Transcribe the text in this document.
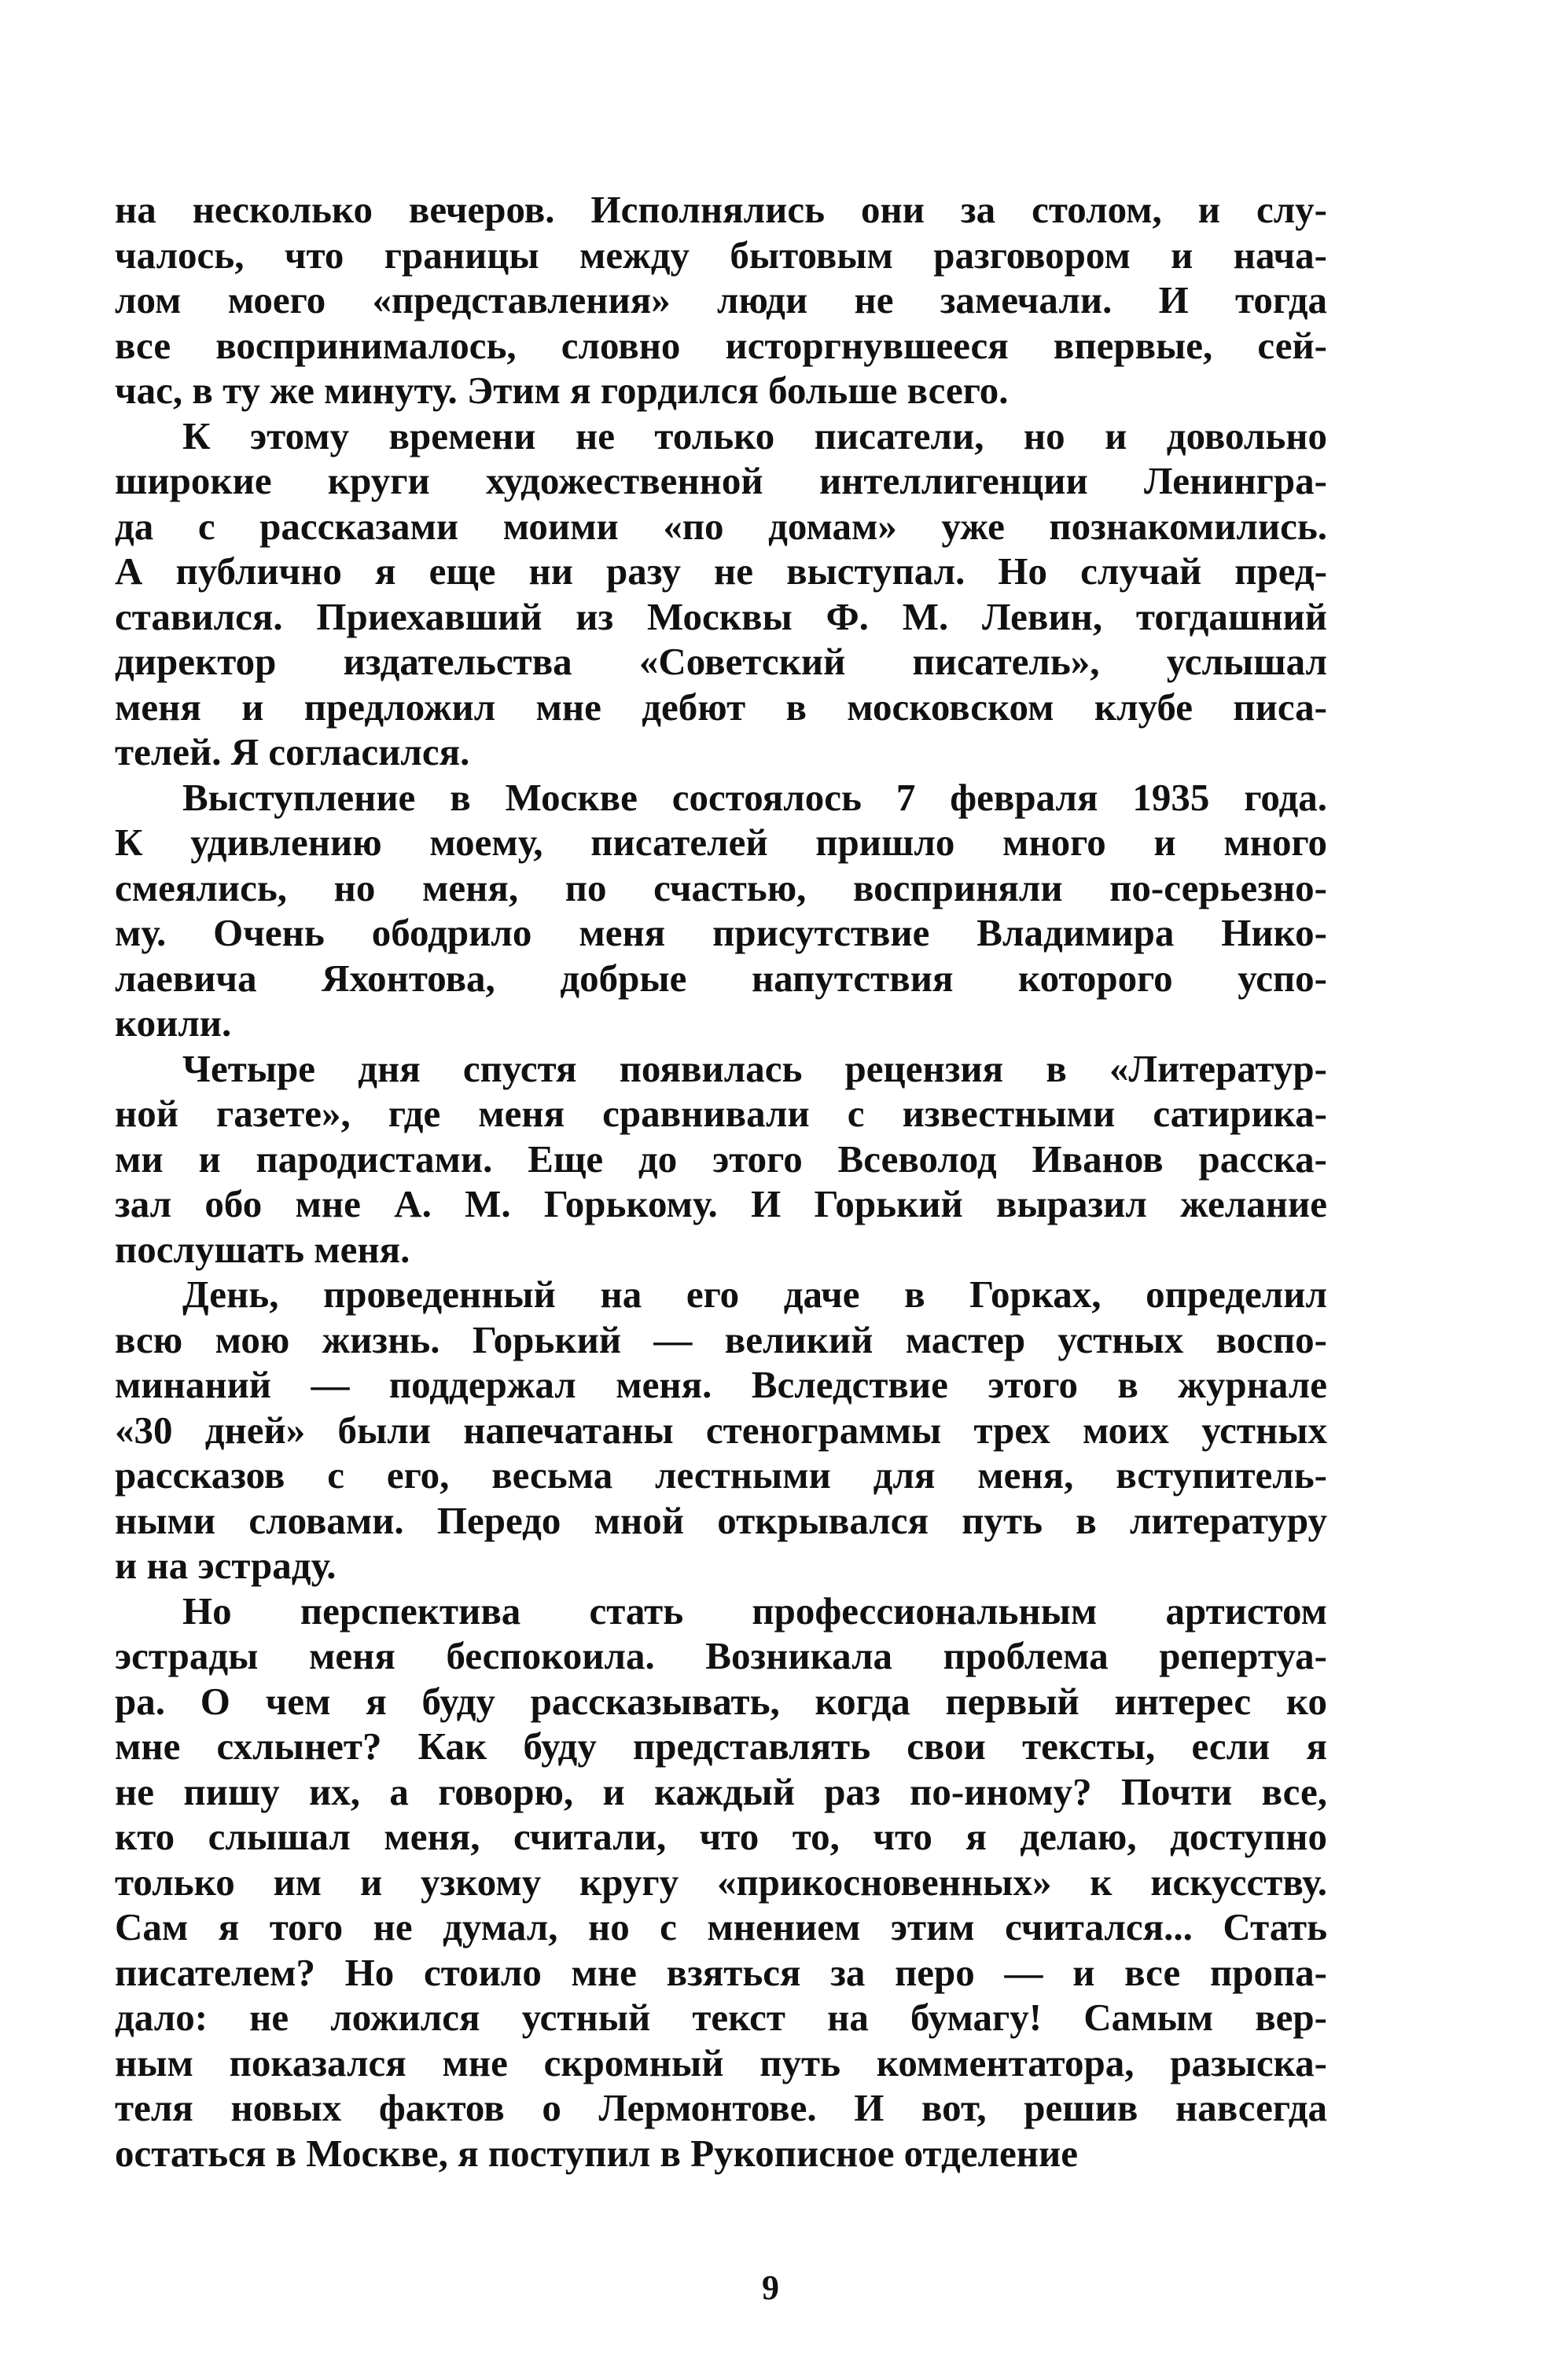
на несколько вечеров. Исполнялись они за столом, и слу-
чалось, что границы между бытовым разговором и нача-
лом моего «представления» люди не замечали. И тогда
все воспринималось, словно исторгнувшееся впервые, сей-
час, в ту же минуту. Этим я гордился больше всего.
К этому времени не только писатели, но и довольно
широкие круги художественной интеллигенции Ленингра-
да с рассказами моими «по домам» уже познакомились.
А публично я еще ни разу не выступал. Но случай пред-
ставился. Приехавший из Москвы Ф. М. Левин, тогдашний
директор издательства «Советский писатель», услышал
меня и предложил мне дебют в московском клубе писа-
телей. Я согласился.
Выступление в Москве состоялось 7 февраля 1935 года.
К удивлению моему, писателей пришло много и много
смеялись, но меня, по счастью, восприняли по-серьезно-
му. Очень ободрило меня присутствие Владимира Нико-
лаевича Яхонтова, добрые напутствия которого успо-
коили.
Четыре дня спустя появилась рецензия в «Литератур-
ной газете», где меня сравнивали с известными сатирика-
ми и пародистами. Еще до этого Всеволод Иванов расска-
зал обо мне А. М. Горькому. И Горький выразил желание
послушать меня.
День, проведенный на его даче в Горках, определил
всю мою жизнь. Горький — великий мастер устных воспо-
минаний — поддержал меня. Вследствие этого в журнале
«30 дней» были напечатаны стенограммы трех моих устных
рассказов с его, весьма лестными для меня, вступитель-
ными словами. Передо мной открывался путь в литературу
и на эстраду.
Но перспектива стать профессиональным артистом
эстрады меня беспокоила. Возникала проблема репертуа-
ра. О чем я буду рассказывать, когда первый интерес ко
мне схлынет? Как буду представлять свои тексты, если я
не пишу их, а говорю, и каждый раз по-иному? Почти все,
кто слышал меня, считали, что то, что я делаю, доступно
только им и узкому кругу «прикосновенных» к искусству.
Сам я того не думал, но с мнением этим считался... Стать
писателем? Но стоило мне взяться за перо — и все пропа-
дало: не ложился устный текст на бумагу! Самым вер-
ным показался мне скромный путь комментатора, разыска-
теля новых фактов о Лермонтове. И вот, решив навсегда
остаться в Москве, я поступил в Рукописное отделение
9
